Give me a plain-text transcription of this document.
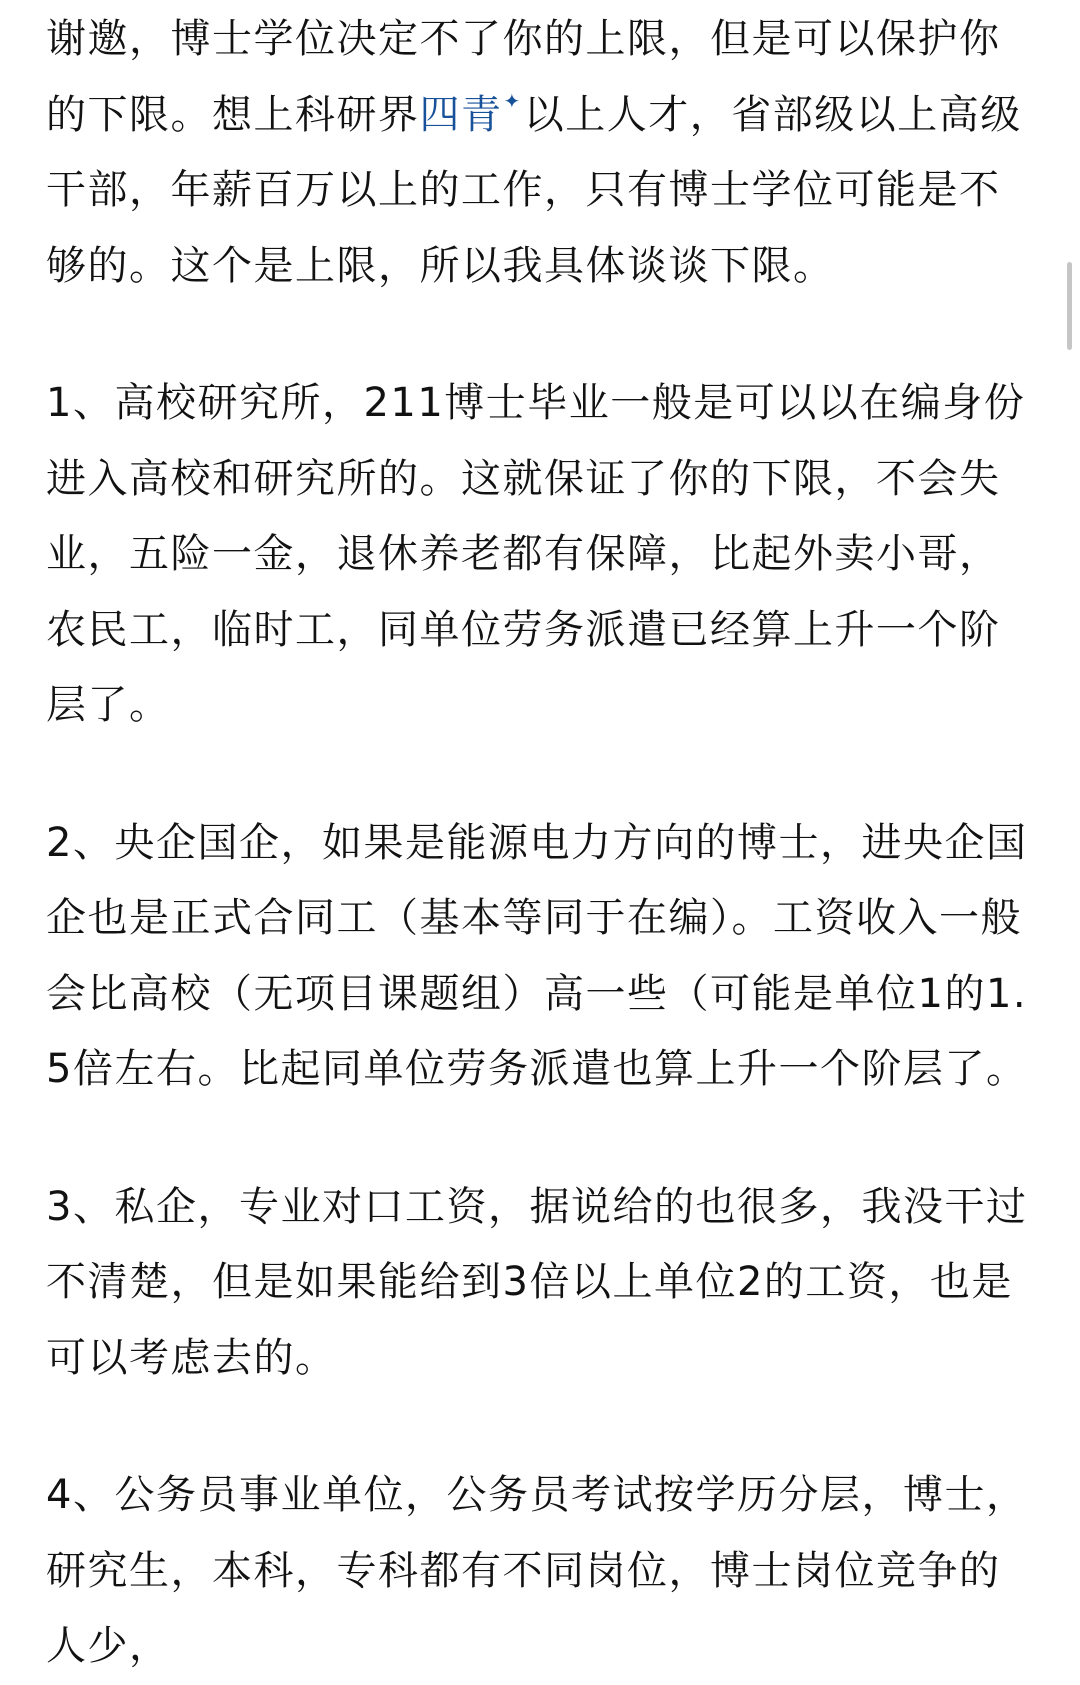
谢邀，博士学位决定不了你的上限，但是可以保护你的下限。想上科研界四青✦以上人才，省部级以上高级干部，年薪百万以上的工作，只有博士学位可能是不够的。这个是上限，所以我具体谈谈下限。

1、高校研究所，211博士毕业一般是可以以在编身份进入高校和研究所的。这就保证了你的下限，不会失业，五险一金，退休养老都有保障，比起外卖小哥，农民工，临时工，同单位劳务派遣已经算上升一个阶层了。

2、央企国企，如果是能源电力方向的博士，进央企国企也是正式合同工（基本等同于在编）。工资收入一般会比高校（无项目课题组）高一些（可能是单位1的1.5倍左右。比起同单位劳务派遣也算上升一个阶层了。

3、私企，专业对口工资，据说给的也很多，我没干过不清楚，但是如果能给到3倍以上单位2的工资，也是可以考虑去的。

4、公务员事业单位，公务员考试按学历分层，博士，研究生，本科，专科都有不同岗位，博士岗位竞争的人少，
